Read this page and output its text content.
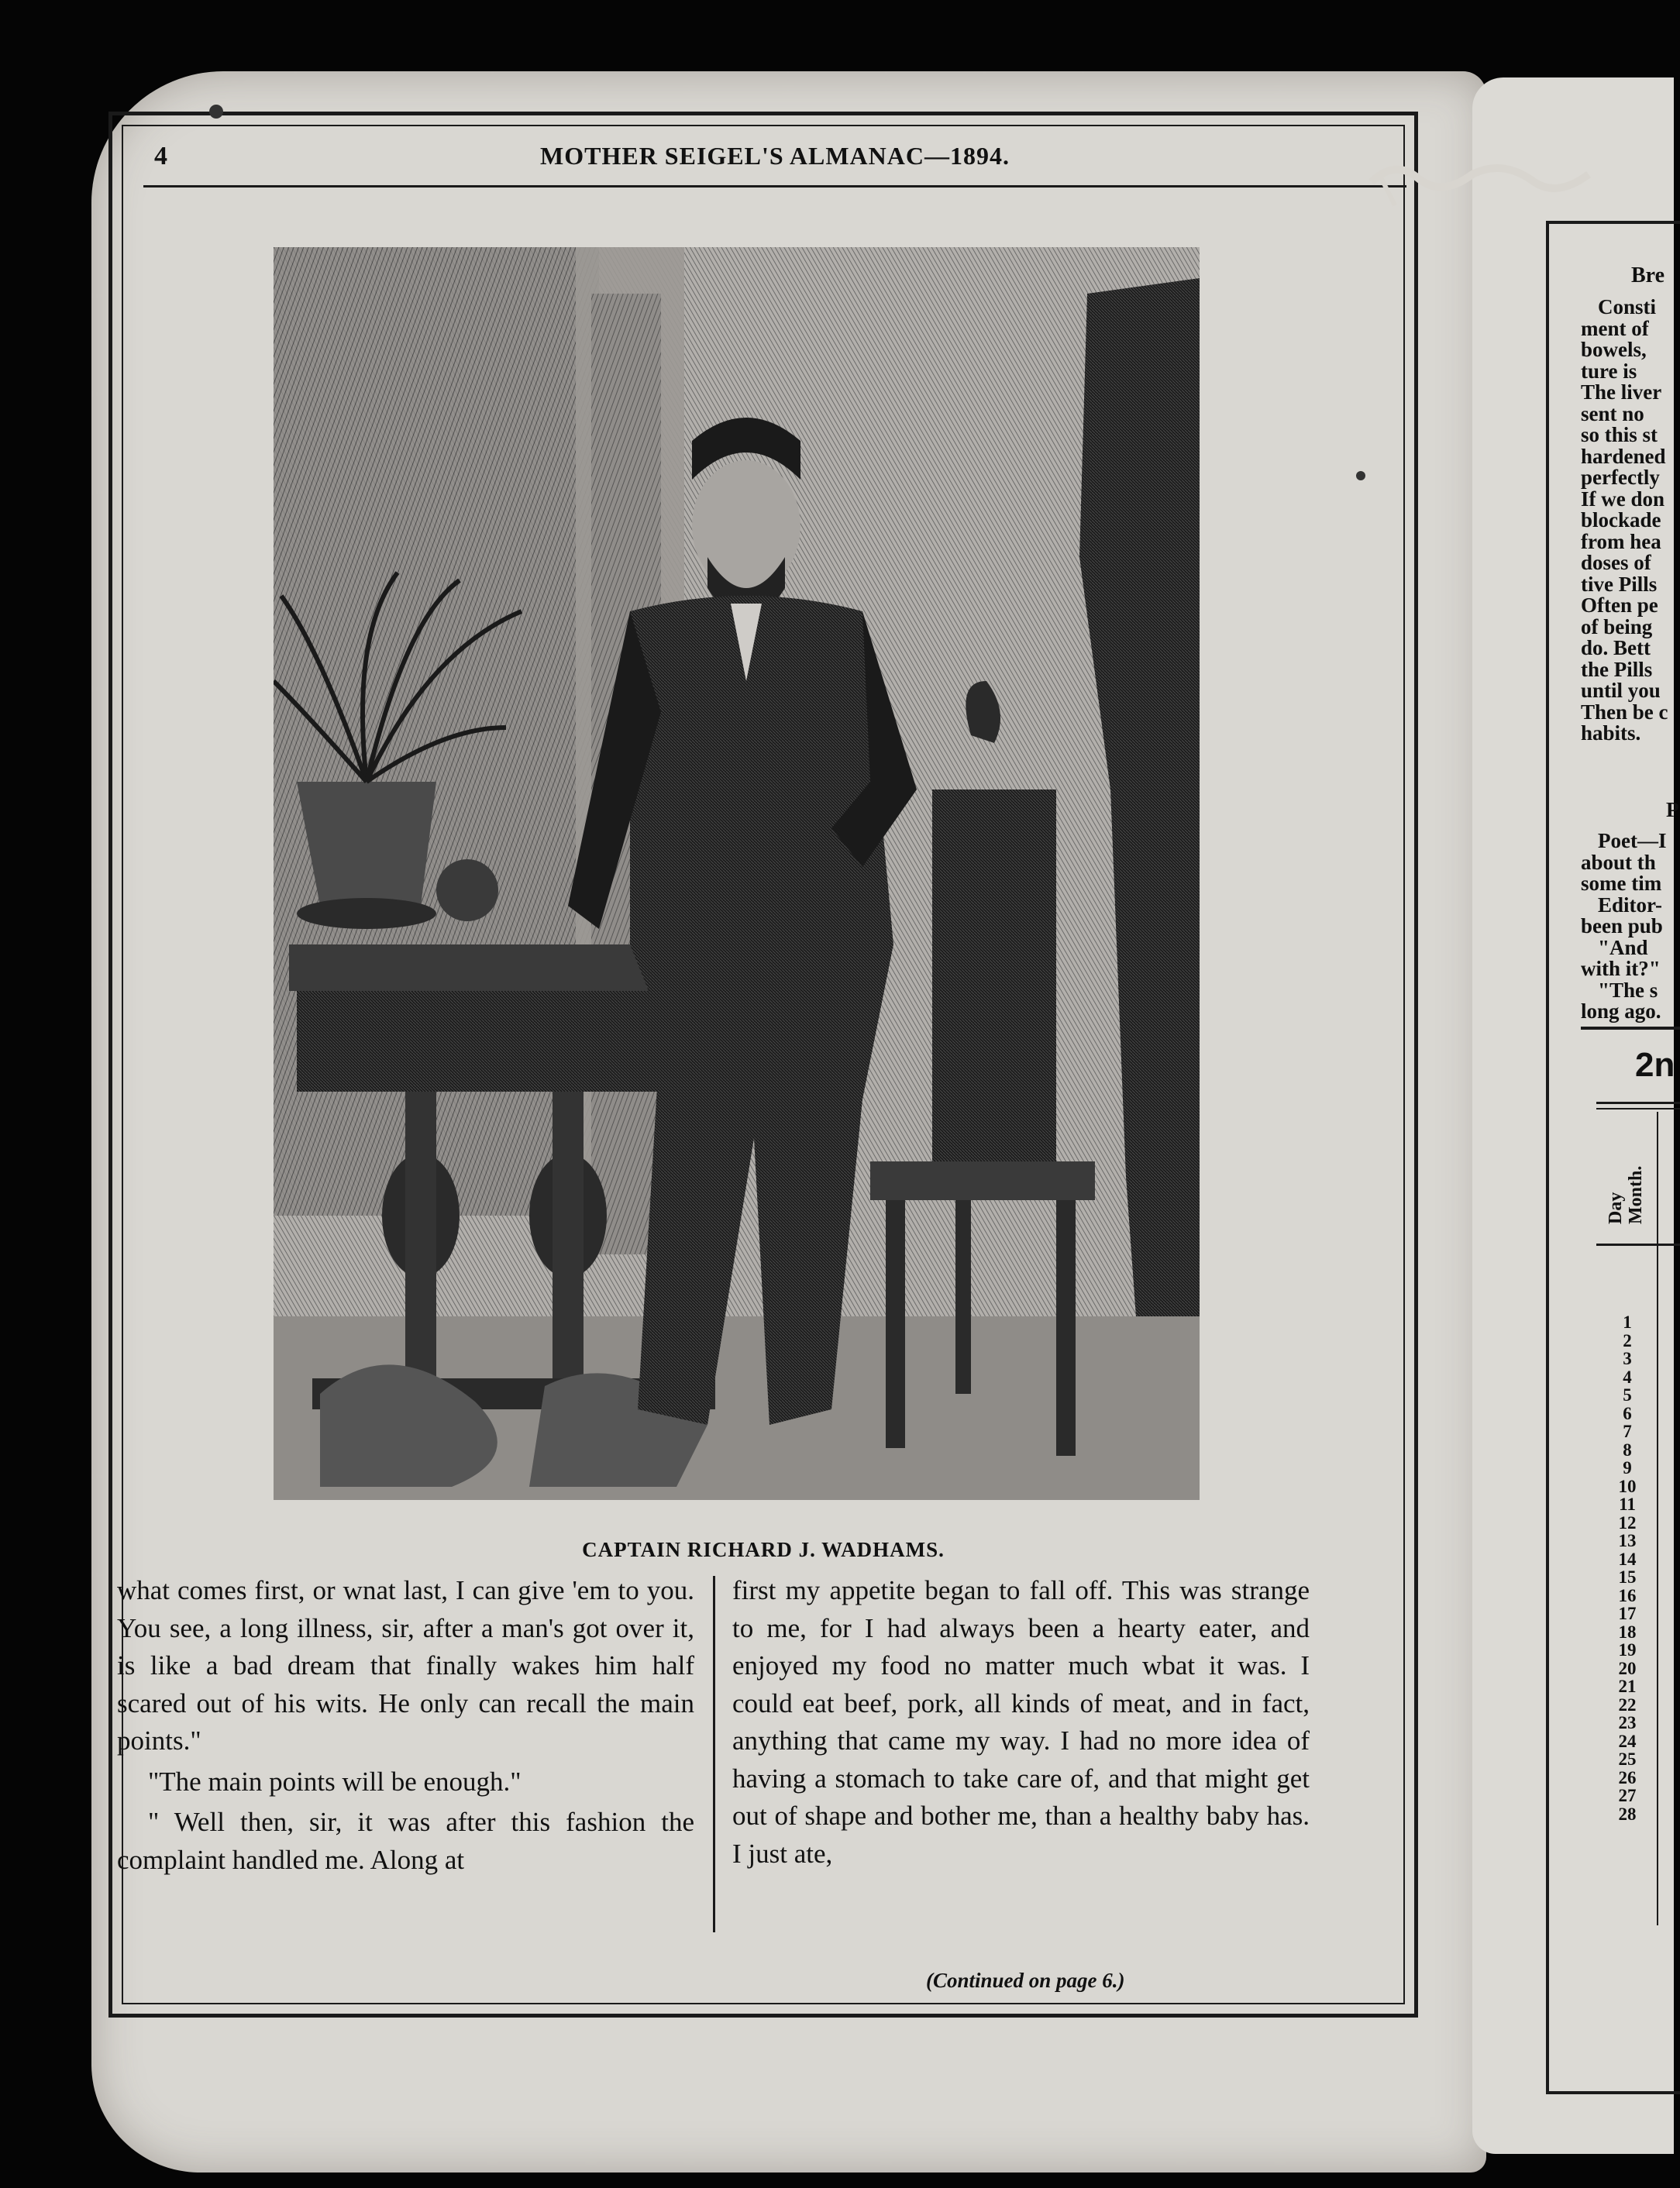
4	MOTHER SEIGEL'S ALMANAC—1894.
CAPTAIN RICHARD J. WADHAMS.

what comes first, or wnat last, I can give 'em to you. You see, a long illness, sir, after a man's got over it, is like a bad dream that finally wakes him half scared out of his wits. He only can recall the main points."

"The main points will be enough."

" Well then, sir, it was after this fashion the complaint handled me. Along at

first my appetite began to fall off. This was strange to me, for I had always been a hearty eater, and enjoyed my food no matter much wbat it was. I could eat beef, pork, all kinds of meat, and in fact, anything that came my way. I had no more idea of having a stomach to take care of, and that might get out of shape and bother me, than a healthy baby has. I just ate,

(Continued on page 6.)
Bre
Consti
ment of
bowels,
ture is
The liver
sent no
so this st
hardened
perfectly
If we don
blockade
from hea
doses of
tive Pills
Often pe
of being
do. Bett
the Pills
until you
Then be c
habits.
P
Poet—I
about th
some tim
Editor-
been pub
"And
with it?"
"The s
long ago.
2n
Day Month.
1
2
3
4
5
6
7
8
9
10
11
12
13
14
15
16
17
18
19
20
21
22
23
24
25
26
27
28
